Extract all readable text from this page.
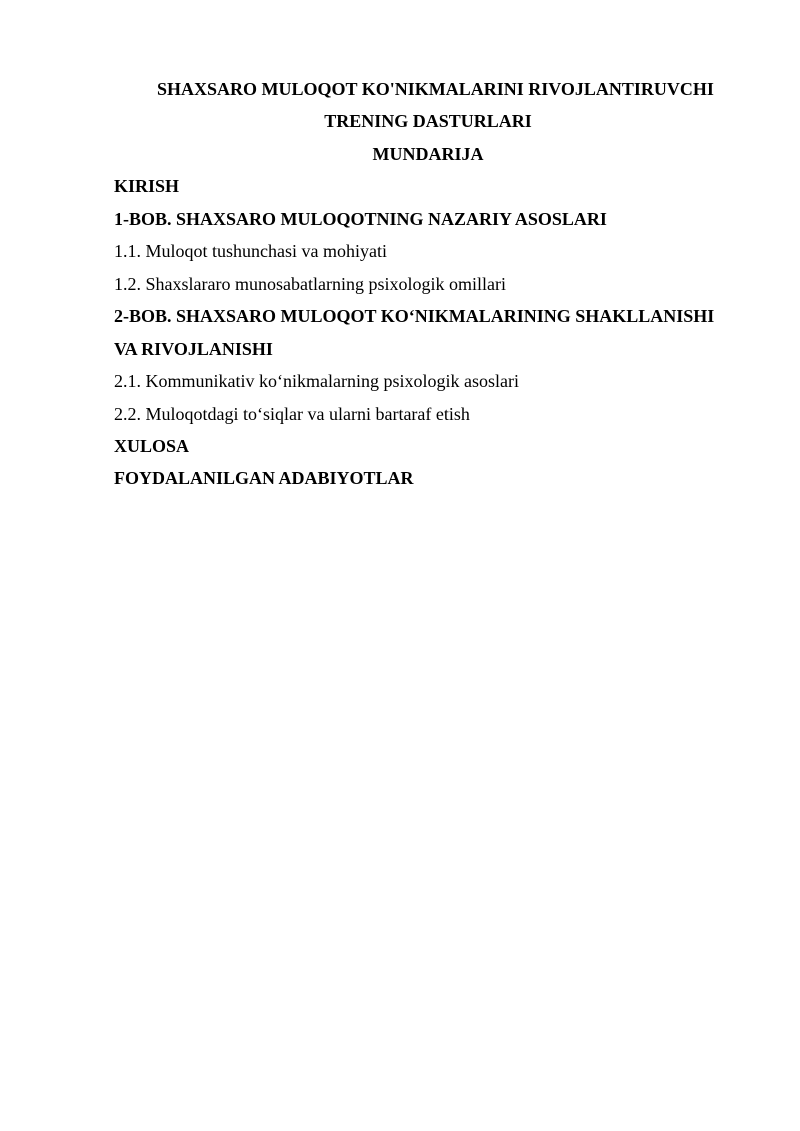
SHAXSARO MULOQOT KO'NIKMALARINI RIVOJLANTIRUVCHI

TRENING DASTURLARI

MUNDARIJA

KIRISH

1-BOB. SHAXSARO MULOQOTNING NAZARIY ASOSLARI

1.1. Muloqot tushunchasi va mohiyati

1.2. Shaxslararo munosabatlarning psixologik omillari

2-BOB. SHAXSARO MULOQOT KO‘NIKMALARINING SHAKLLANISHI

VA RIVOJLANISHI

2.1. Kommunikativ ko‘nikmalarning psixologik asoslari

2.2. Muloqotdagi to‘siqlar va ularni bartaraf etish

XULOSA

FOYDALANILGAN ADABIYOTLAR
